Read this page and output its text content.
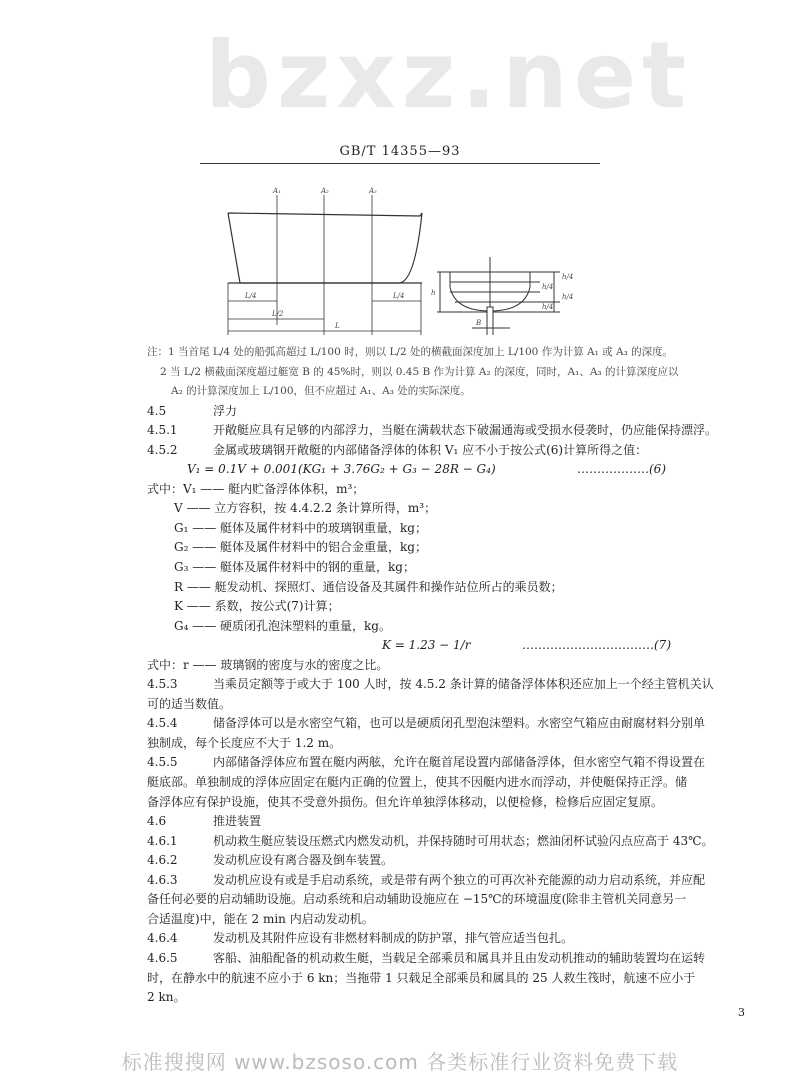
bzxz.net
GB/T 14355—93
A₁	A₂	A₃
L/4	L/4
L/2
L
h
h/4
h/4
h/4
h/4
B
注：1 当首尾 L/4 处的船弧高超过 L/100 时，则以 L/2 处的横截面深度加上 L/100 作为计算 A₁ 或 A₃ 的深度。
2 当 L/2 横截面深度超过艇宽 B 的 45%时，则以 0.45 B 作为计算 A₂ 的深度，同时，A₁、A₃ 的计算深度应以
A₂ 的计算深度加上 L/100，但不应超过 A₁、A₃ 处的实际深度。
4.5	浮力
4.5.1	开敞艇应具有足够的内部浮力，当艇在满载状态下破漏通海或受损水侵袭时，仍应能保持漂浮。
4.5.2	金属或玻璃钢开敞艇的内部储备浮体的体积 V₁ 应不小于按公式(6)计算所得之值：
V₁ = 0.1V + 0.001(KG₁ + 3.76G₂ + G₃ − 28R − G₄)	………………(6)
式中：V₁ —— 艇内贮备浮体体积，m³；
V —— 立方容积，按 4.4.2.2 条计算所得，m³；
G₁ —— 艇体及属件材料中的玻璃钢重量，kg；
G₂ —— 艇体及属件材料中的铝合金重量，kg；
G₃ —— 艇体及属件材料中的钢的重量，kg；
R —— 艇发动机、探照灯、通信设备及其属件和操作站位所占的乘员数；
K —— 系数，按公式(7)计算；
G₄ —— 硬质闭孔泡沫塑料的重量，kg。
K = 1.23 − 1/r	……………………………(7)
式中：r —— 玻璃钢的密度与水的密度之比。
4.5.3	当乘员定额等于或大于 100 人时，按 4.5.2 条计算的储备浮体体积还应加上一个经主管机关认
可的适当数值。
4.5.4	储备浮体可以是水密空气箱，也可以是硬质闭孔型泡沫塑料。水密空气箱应由耐腐材料分别单
独制成，每个长度应不大于 1.2 m。
4.5.5	内部储备浮体应布置在艇内两舷，允许在艇首尾设置内部储备浮体，但水密空气箱不得设置在
艇底部。单独制成的浮体应固定在艇内正确的位置上，使其不因艇内进水而浮动，并使艇保持正浮。储
备浮体应有保护设施，使其不受意外损伤。但允许单独浮体移动，以便检修，检修后应固定复原。
4.6	推进装置
4.6.1	机动救生艇应装设压燃式内燃发动机，并保持随时可用状态；燃油闭杯试验闪点应高于 43℃。
4.6.2	发动机应设有离合器及倒车装置。
4.6.3	发动机应设有或是手启动系统，或是带有两个独立的可再次补充能源的动力启动系统，并应配
备任何必要的启动辅助设施。启动系统和启动辅助设施应在 −15℃的环境温度(除非主管机关同意另一
合适温度)中，能在 2 min 内启动发动机。
4.6.4	发动机及其附件应设有非燃材料制成的防护罩，排气管应适当包扎。
4.6.5	客船、油船配备的机动救生艇，当载足全部乘员和属具并且由发动机推动的辅助装置均在运转
时，在静水中的航速不应小于 6 kn；当拖带 1 只载足全部乘员和属具的 25 人救生筏时，航速不应小于
2 kn。
3
标准搜搜网 www.bzsoso.com 各类标准行业资料免费下载
